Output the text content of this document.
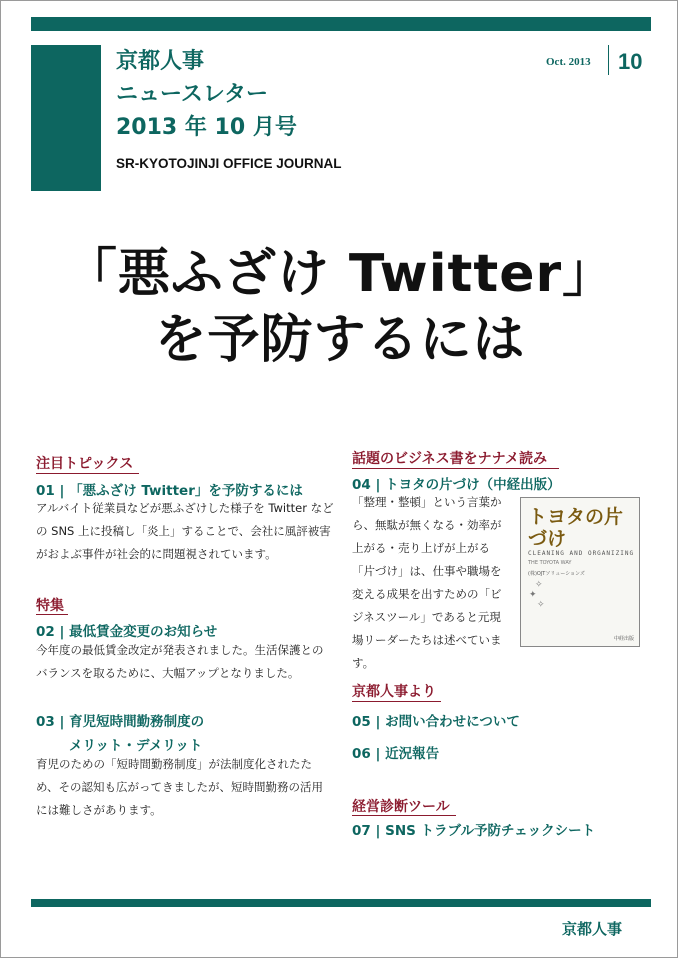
京都人事
ニュースレター
2013 年 10 月号
SR-KYOTOJINJI OFFICE JOURNAL
Oct. 2013 10
「悪ふざけ Twitter」
を予防するには
注目トピックス
01 | 「悪ふざけ Twitter」を予防するには
アルバイト従業員などが悪ふざけした様子を Twitter などの SNS 上に投稿し「炎上」することで、会社に風評被害がおよぶ事件が社会的に問題視されています。
特集
02 | 最低賃金変更のお知らせ
今年度の最低賃金改定が発表されました。生活保護とのバランスを取るために、大幅アップとなりました。
03 | 育児短時間勤務制度の
メリット・デメリット
育児のための「短時間勤務制度」が法制度化されたため、その認知も広がってきましたが、短時間勤務の活用には難しさがあります。
話題のビジネス書をナナメ読み
04 | トヨタの片づけ（中経出版）
「整理・整頓」という言葉から、無駄が無くなる・効率が上がる・売り上げが上がる「片づけ」は、仕事や職場を変える成果を出すための「ビジネスツール」であると元現場リーダーたちは述べています。
トヨタの片づけ
CLEANING AND ORGANIZING
THE TOYOTA WAY
(株)OJTソリューションズ
✧
✦
✧
中経出版
京都人事より
05 | お問い合わせについて
06 | 近況報告
経営診断ツール
07 | SNS トラブル予防チェックシート
京都人事
